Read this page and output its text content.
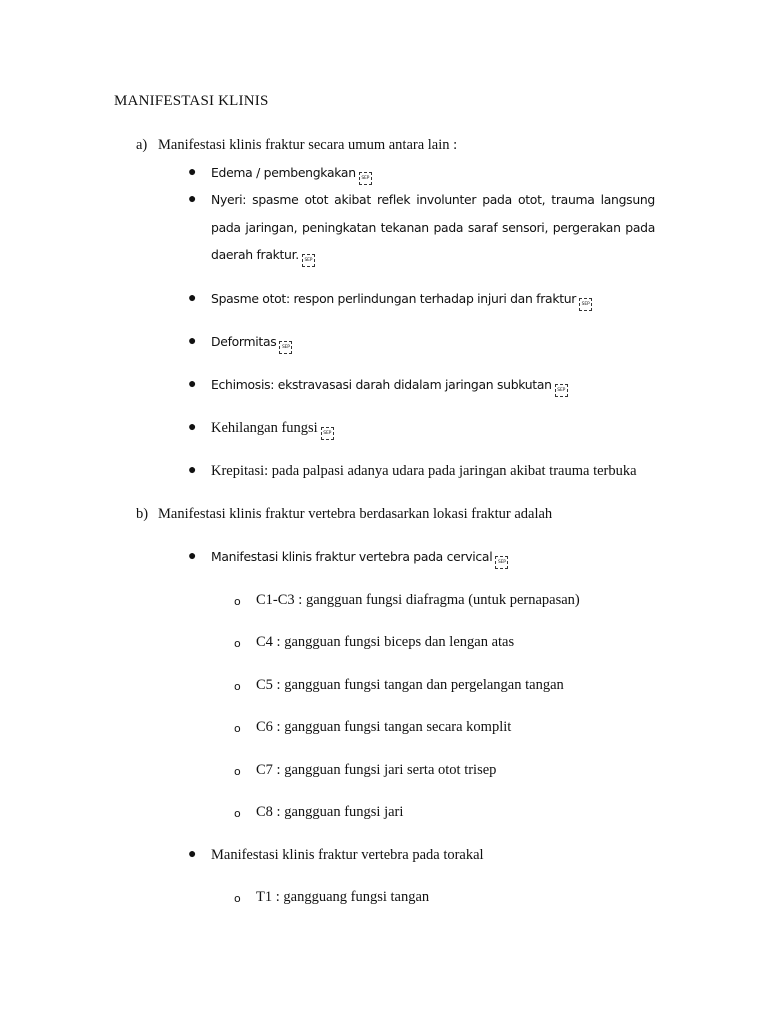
MANIFESTASI KLINIS
a) Manifestasi klinis fraktur secara umum antara lain :
● Edema / pembengkakan SEP
● Nyeri: spasme otot akibat reflek involunter pada otot, trauma langsung pada jaringan, peningkatan tekanan pada saraf sensori, pergerakan pada daerah fraktur. SEP
● Spasme otot: respon perlindungan terhadap injuri dan fraktur SEP
● Deformitas SEP
● Echimosis: ekstravasasi darah didalam jaringan subkutan SEP
● Kehilangan fungsi SEP
● Krepitasi: pada palpasi adanya udara pada jaringan akibat trauma terbuka
b) Manifestasi klinis fraktur vertebra berdasarkan lokasi fraktur adalah
● Manifestasi klinis fraktur vertebra pada cervical SEP
o C1-C3 : gangguan fungsi diafragma (untuk pernapasan)
o C4 : gangguan fungsi biceps dan lengan atas
o C5 : gangguan fungsi tangan dan pergelangan tangan
o C6 : gangguan fungsi tangan secara komplit
o C7 : gangguan fungsi jari serta otot trisep
o C8 : gangguan fungsi jari
● Manifestasi klinis fraktur vertebra pada torakal
o T1 : gangguang fungsi tangan
